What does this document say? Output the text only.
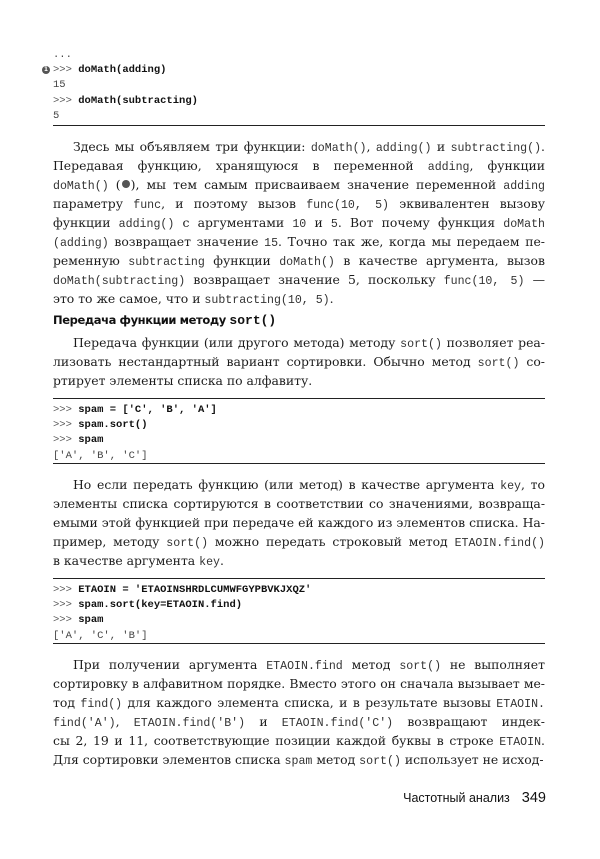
...
1 >>> doMath(adding)
15
>>> doMath(subtracting)
5
Здесь мы объявляем три функции: doMath(), adding() и subtracting().
Передавая функцию, хранящуюся в переменной adding, функции
doMath() ( ), мы тем самым присваиваем значение переменной adding
параметру func, и поэтому вызов func(10, 5) эквивалентен вызову
функции adding() с аргументами 10 и 5. Вот почему функция doMath
(adding) возвращает значение 15. Точно так же, когда мы передаем пе-
ременную subtracting функции doMath() в качестве аргумента, вызов
doMath(subtracting) возвращает значение 5, поскольку func(10, 5) —
это то же самое, что и subtracting(10, 5).
Передача функции методу sort()
Передача функции (или другого метода) методу sort() позволяет реа-
лизовать нестандартный вариант сортировки. Обычно метод sort() со-
ртирует элементы списка по алфавиту.
>>> spam = ['C', 'B', 'A']
>>> spam.sort()
>>> spam
['A', 'B', 'C']
Но если передать функцию (или метод) в качестве аргумента key, то
элементы списка сортируются в соответствии со значениями, возвраща-
емыми этой функцией при передаче ей каждого из элементов списка. На-
пример, методу sort() можно передать строковый метод ETAOIN.find()
в качестве аргумента key.
>>> ETAOIN = 'ETAOINSHRDLCUMWFGYPBVKJXQZ'
>>> spam.sort(key=ETAOIN.find)
>>> spam
['A', 'C', 'B']
При получении аргумента ETAOIN.find метод sort() не выполняет
сортировку в алфавитном порядке. Вместо этого он сначала вызывает ме-
тод find() для каждого элемента списка, и в результате вызовы ETAOIN.
find('A'), ETAOIN.find('B') и ETAOIN.find('C') возвращают индек-
сы 2, 19 и 11, соответствующие позиции каждой буквы в строке ETAOIN.
Для сортировки элементов списка spam метод sort() использует не исход-
Частотный анализ 349
